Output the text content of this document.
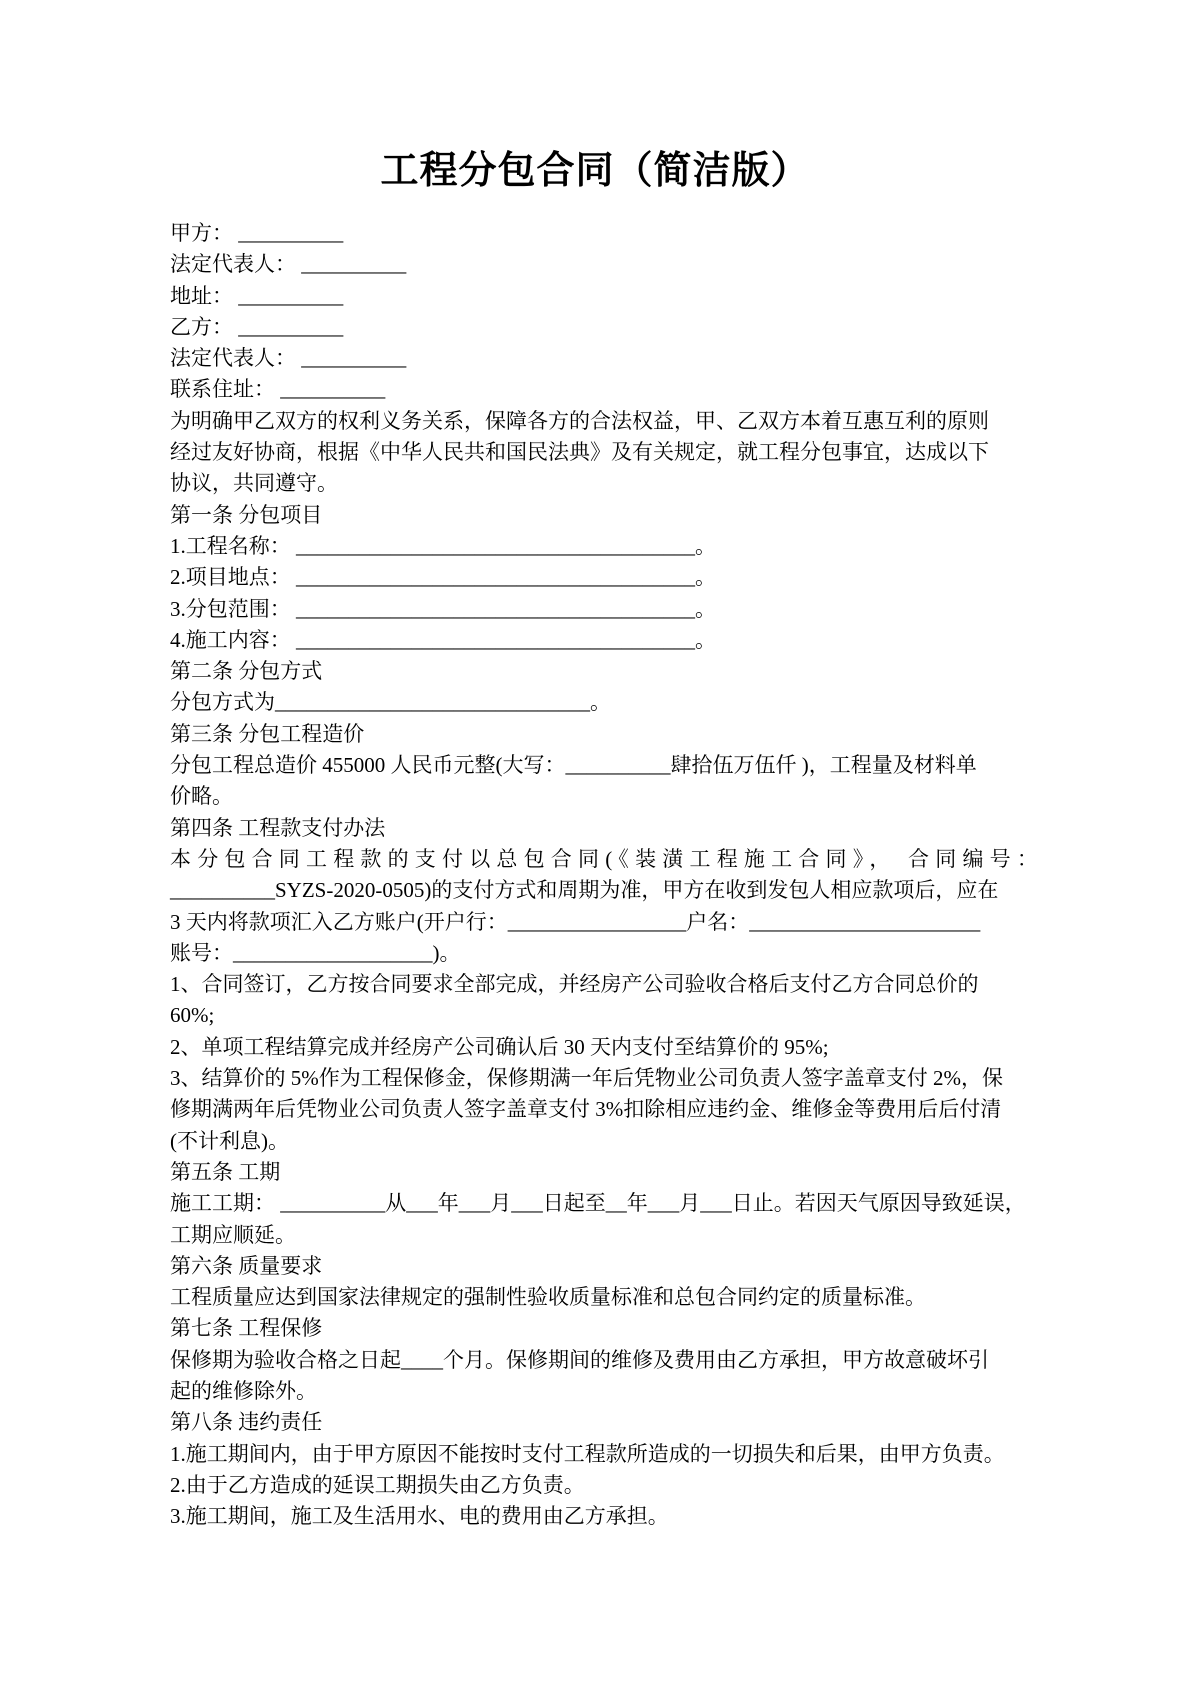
工程分包合同（简洁版）
甲方： __________
法定代表人： __________
地址： __________
乙方： __________
法定代表人： __________
联系住址： __________
为明确甲乙双方的权利义务关系，保障各方的合法权益，甲、乙双方本着互惠互利的原则
经过友好协商，根据《中华人民共和国民法典》及有关规定，就工程分包事宜，达成以下
协议，共同遵守。
第一条 分包项目
1.工程名称： ______________________________________。
2.项目地点： ______________________________________。
3.分包范围： ______________________________________。
4.施工内容： ______________________________________。
第二条 分包方式
分包方式为______________________________。
第三条 分包工程造价
分包工程总造价 455000 人民币元整(大写：__________肆拾伍万伍仟 )，工程量及材料单
价略。
第四条 工程款支付办法
本分包合同工程款的支付以总包合同(《装潢工程施工合同》， 合同编号：
__________SYZS-2020-0505)的支付方式和周期为准，甲方在收到发包人相应款项后，应在
3 天内将款项汇入乙方账户(开户行：_________________户名：______________________
账号：___________________)。
1、合同签订，乙方按合同要求全部完成，并经房产公司验收合格后支付乙方合同总价的
60%;
2、单项工程结算完成并经房产公司确认后 30 天内支付至结算价的 95%;
3、结算价的 5%作为工程保修金，保修期满一年后凭物业公司负责人签字盖章支付 2%，保
修期满两年后凭物业公司负责人签字盖章支付 3%扣除相应违约金、维修金等费用后后付清
(不计利息)。
第五条 工期
施工工期： __________从___年___月___日起至__年___月___日止。若因天气原因导致延误，
工期应顺延。
第六条 质量要求
工程质量应达到国家法律规定的强制性验收质量标准和总包合同约定的质量标准。
第七条 工程保修
保修期为验收合格之日起____个月。保修期间的维修及费用由乙方承担，甲方故意破坏引
起的维修除外。
第八条 违约责任
1.施工期间内，由于甲方原因不能按时支付工程款所造成的一切损失和后果，由甲方负责。
2.由于乙方造成的延误工期损失由乙方负责。
3.施工期间，施工及生活用水、电的费用由乙方承担。
